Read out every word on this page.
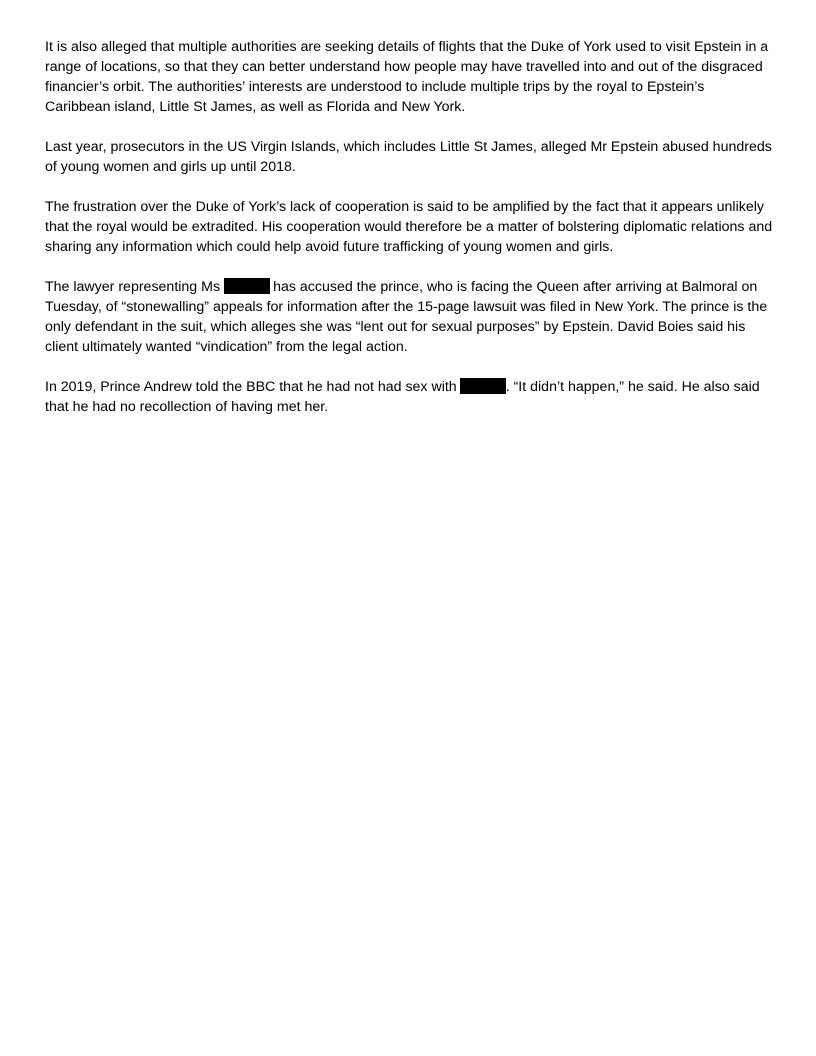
It is also alleged that multiple authorities are seeking details of flights that the Duke of York used to visit Epstein in a range of locations, so that they can better understand how people may have travelled into and out of the disgraced financier’s orbit. The authorities’ interests are understood to include multiple trips by the royal to Epstein’s Caribbean island, Little St James, as well as Florida and New York.

Last year, prosecutors in the US Virgin Islands, which includes Little St James, alleged Mr Epstein abused hundreds of young women and girls up until 2018.

The frustration over the Duke of York’s lack of cooperation is said to be amplified by the fact that it appears unlikely that the royal would be extradited. His cooperation would therefore be a matter of bolstering diplomatic relations and sharing any information which could help avoid future trafficking of young women and girls.

The lawyer representing Ms	has accused the prince, who is facing the Queen after arriving at Balmoral on Tuesday, of “stonewalling” appeals for information after the 15-page lawsuit was filed in New York. The prince is the only defendant in the suit, which alleges she was “lent out for sexual purposes” by Epstein. David Boies said his client ultimately wanted “vindication” from the legal action.

In 2019, Prince Andrew told the BBC that he had not had sex with	. “It didn’t happen,” he said. He also said that he had no recollection of having met her.
